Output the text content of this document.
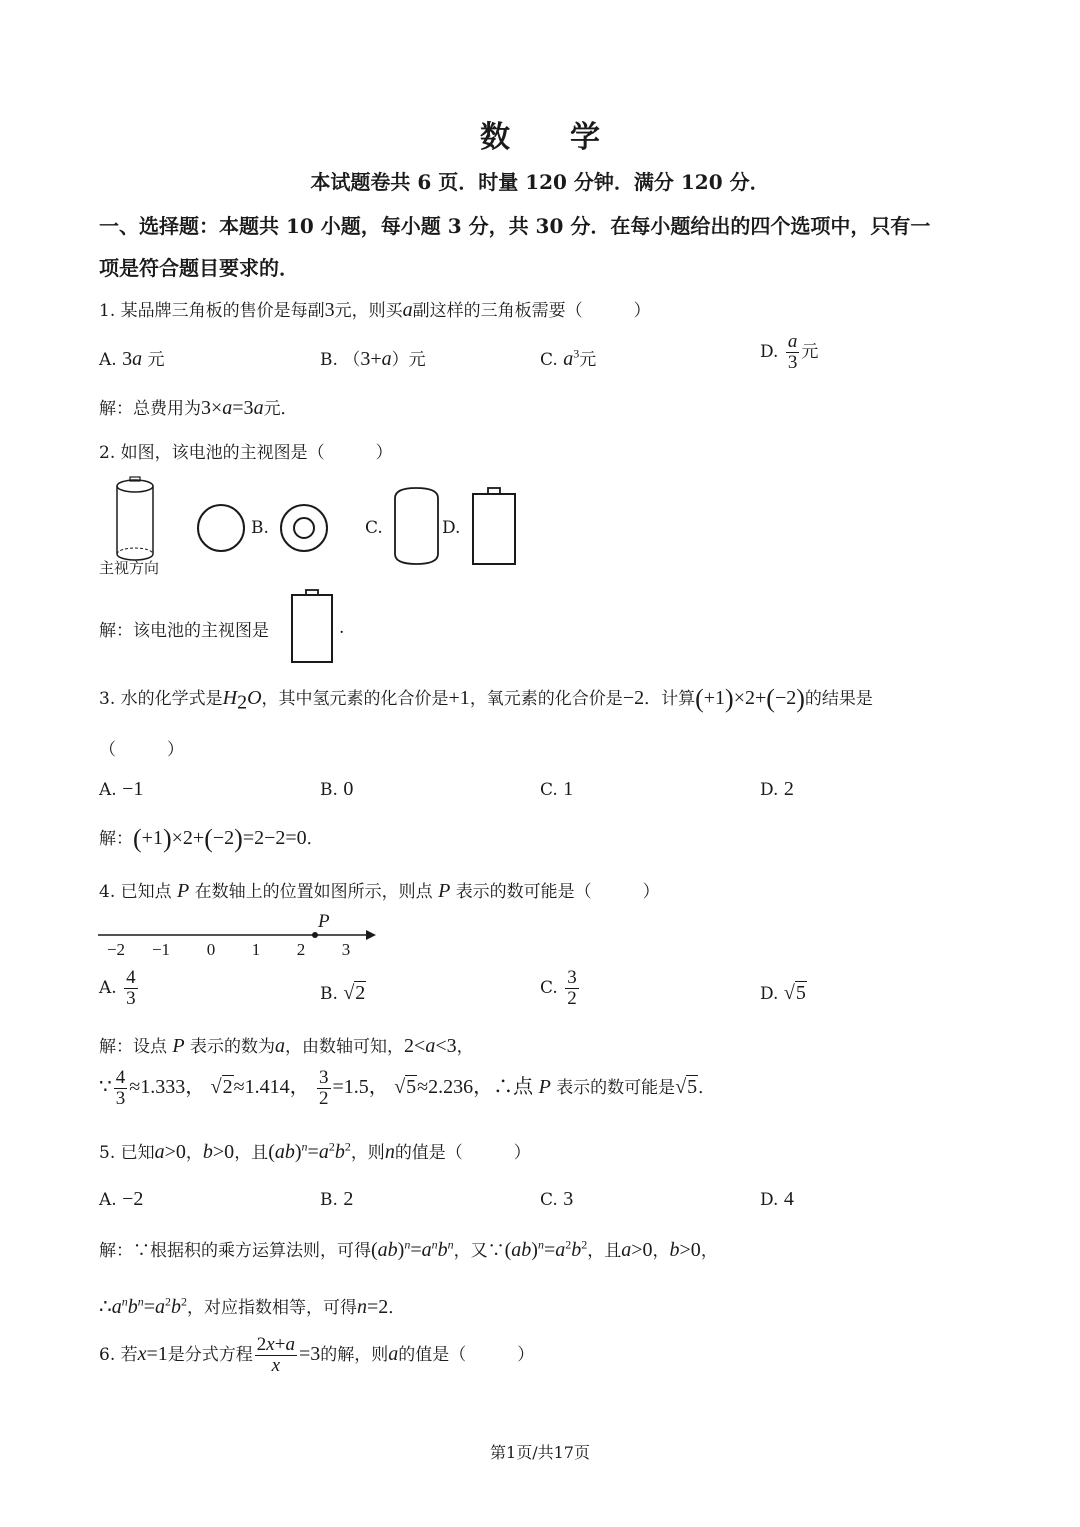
数　　学
本试题卷共 6 页．时量 120 分钟．满分 120 分．
一、选择题：本题共 10 小题，每小题 3 分，共 30 分．在每小题给出的四个选项中，只有一
项是符合题目要求的．
1. 某品牌三角板的售价是每副3元，则买a副这样的三角板需要（　　　）
A. 3a 元	B. （3+a）元	C. $a^3$元	D. $\frac{a}{3}$ 元
解：总费用为3×a=3a元．
2. 如图，该电池的主视图是（　　　）
主视方向
B.	C.	D.
解：该电池的主视图是	.
3. 水的化学式是$H_2O$，其中氢元素的化合价是+1，氧元素的化合价是−2．计算(+1)×2+(−2)的结果是
（　　　）
A. −1	B. 0	C. 1	D. 2
解：(+1)×2+(−2)=2−2=0．
4. 已知点 P 在数轴上的位置如图所示，则点 P 表示的数可能是（　　　）
P
−2 −1 0 1 2 3
A. $\frac{4}{3}$	B. √2	C. $\frac{3}{2}$	D. √5
解：设点 P 表示的数为a，由数轴可知，2<a<3，
∵ $\frac{4}{3} \approx 1.333$， √2≈1.414， $\frac{3}{2} =1.5$， √5≈2.236，∴点 P 表示的数可能是√5．
5. 已知a>0，b>0，且$(ab)^n=a^2b^2$，则n的值是（　　　）
A. −2	B. 2	C. 3	D. 4
解：∵根据积的乘方运算法则，可得$(ab)^n=a^nb^n$，又$\because(ab)^n=a^2b^2$，且a>0，b>0，
$\therefore a^nb^n=a^2b^2$，对应指数相等，可得n=2．
6. 若x=1是分式方程 $\frac{2x+a}{x} =3$的解，则a的值是（　　　）
第1页/共17页
